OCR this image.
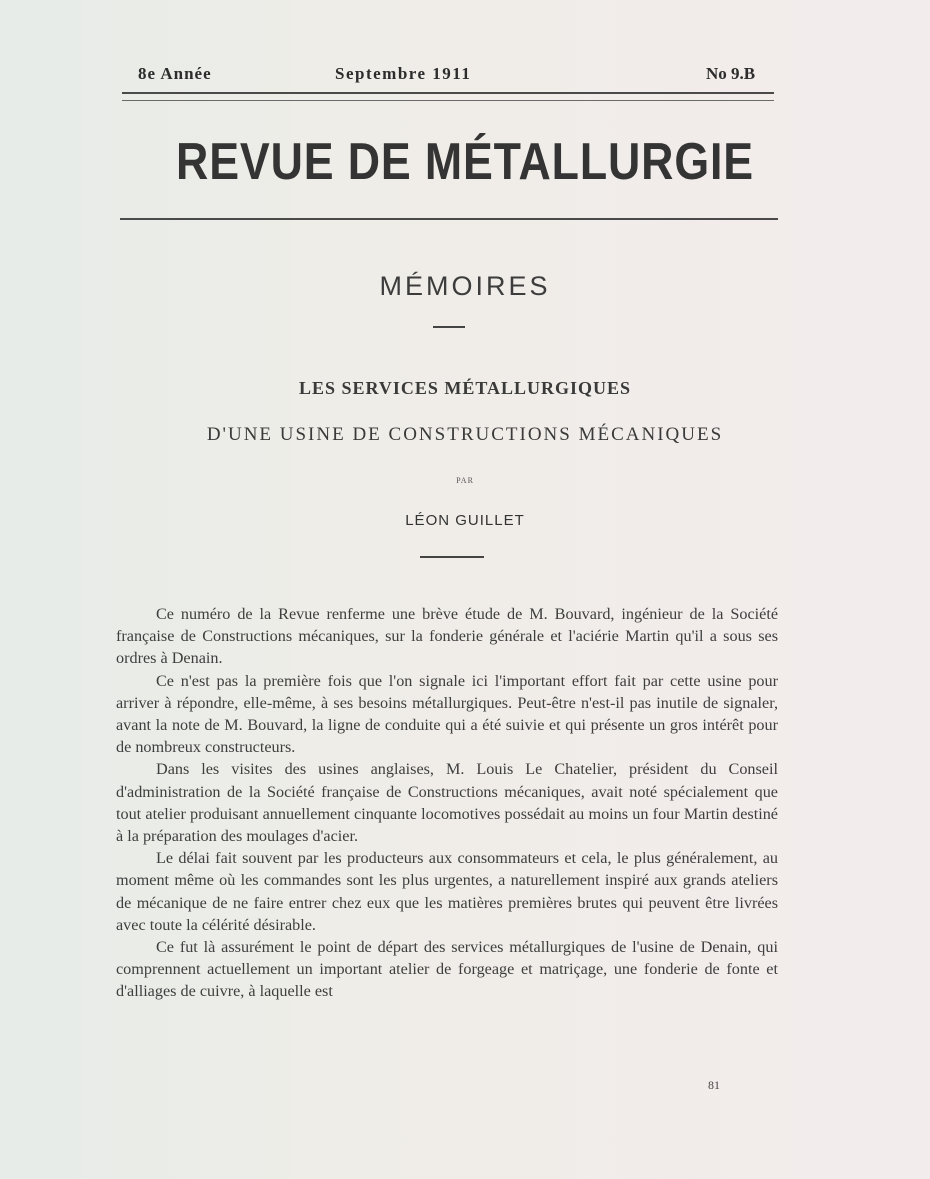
8e Année	Septembre 1911	No 9.B
REVUE DE MÉTALLURGIE
MÉMOIRES
LES SERVICES MÉTALLURGIQUES
D'UNE USINE DE CONSTRUCTIONS MÉCANIQUES
PAR
LÉON GUILLET

Ce numéro de la Revue renferme une brève étude de M. Bouvard, ingénieur de la Société française de Constructions mécaniques, sur la fonderie générale et l'aciérie Martin qu'il a sous ses ordres à Denain.

Ce n'est pas la première fois que l'on signale ici l'important effort fait par cette usine pour arriver à répondre, elle-même, à ses besoins métallurgiques. Peut-être n'est-il pas inutile de signaler, avant la note de M. Bouvard, la ligne de conduite qui a été suivie et qui présente un gros intérêt pour de nombreux constructeurs.

Dans les visites des usines anglaises, M. Louis Le Chatelier, président du Conseil d'administration de la Société française de Constructions mécaniques, avait noté spécialement que tout atelier produisant annuellement cinquante locomotives possédait au moins un four Martin destiné à la préparation des moulages d'acier.

Le délai fait souvent par les producteurs aux consommateurs et cela, le plus généralement, au moment même où les commandes sont les plus urgentes, a naturellement inspiré aux grands ateliers de mécanique de ne faire entrer chez eux que les matières premières brutes qui peuvent être livrées avec toute la célérité désirable.

Ce fut là assurément le point de départ des services métallurgiques de l'usine de Denain, qui comprennent actuellement un important atelier de forgeage et matriçage, une fonderie de fonte et d'alliages de cuivre, à laquelle est

81
